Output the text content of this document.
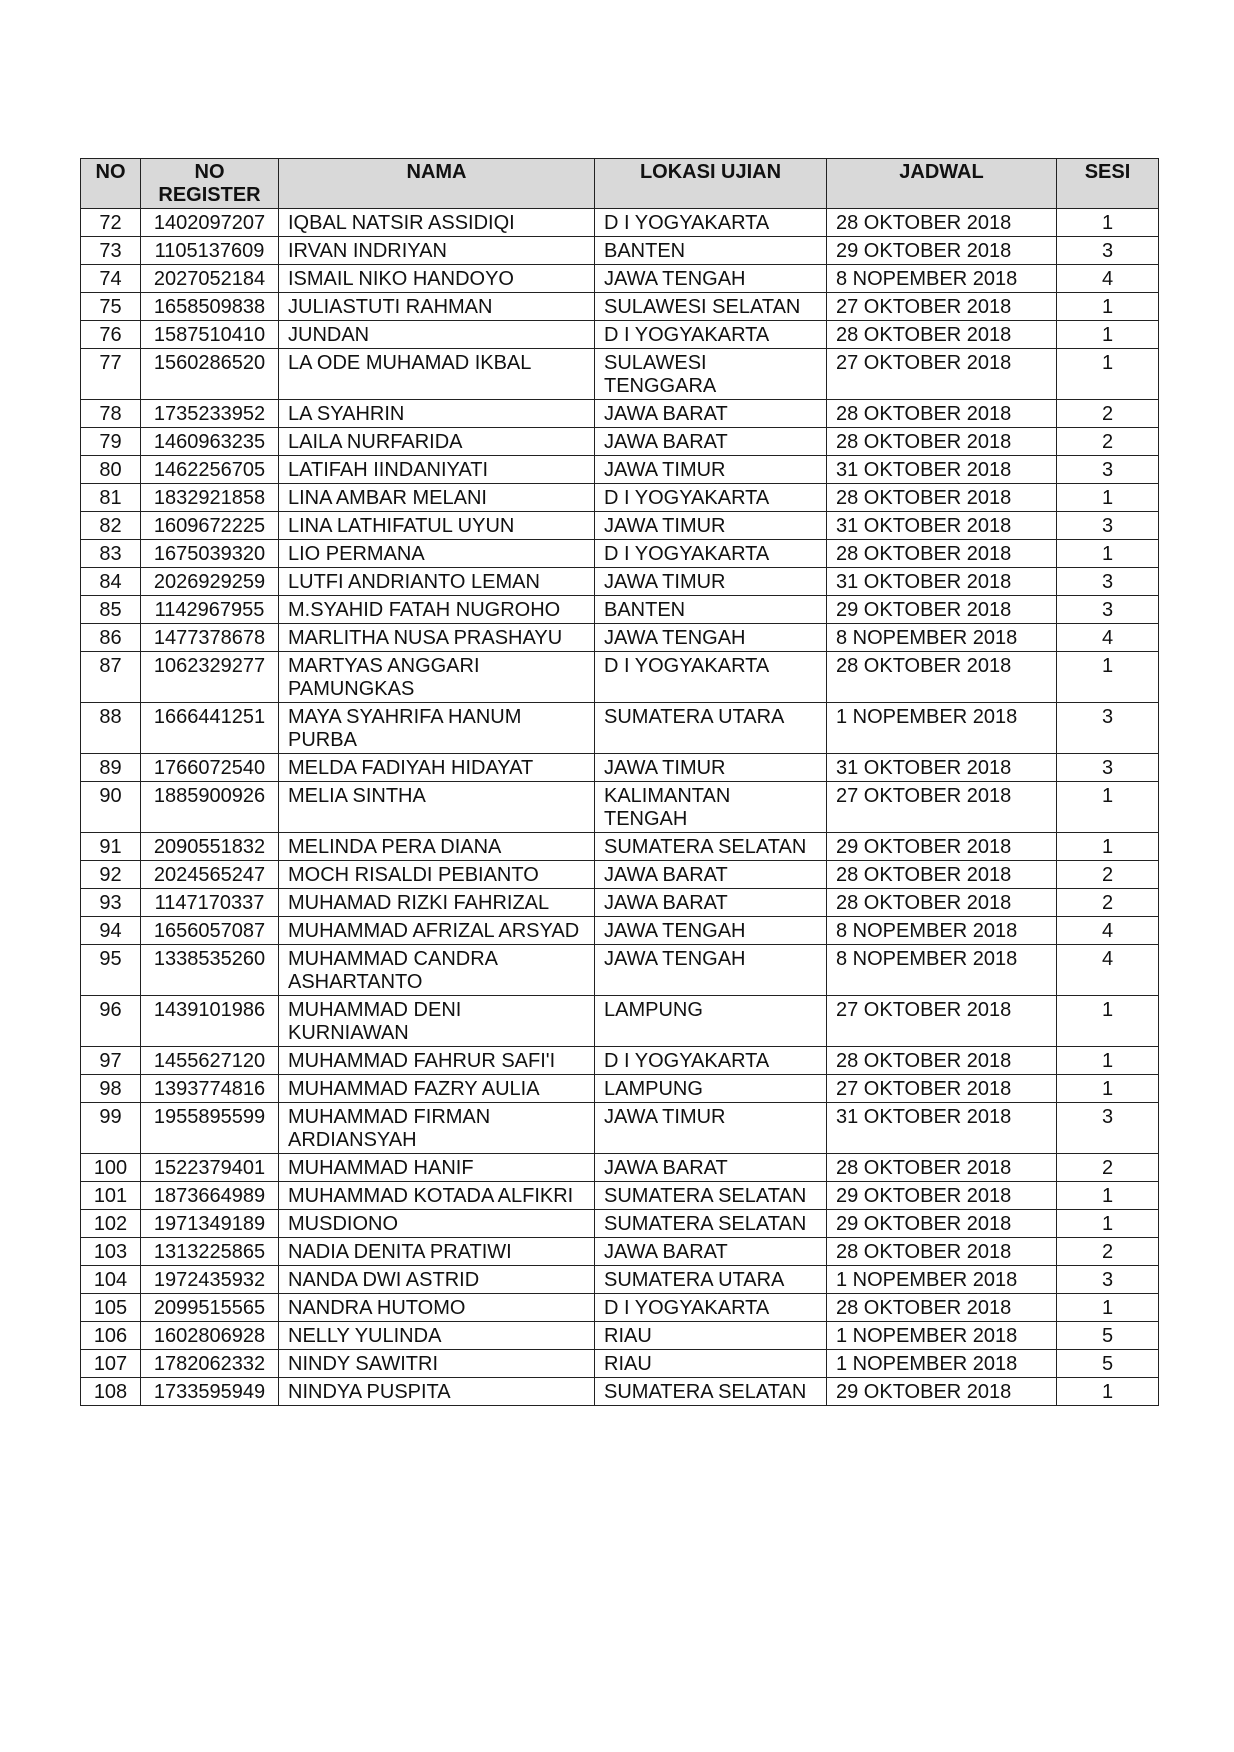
NO	NO REGISTER	NAMA	LOKASI UJIAN	JADWAL	SESI
72	1402097207	IQBAL NATSIR ASSIDIQI	D I YOGYAKARTA	28 OKTOBER 2018	1
73	1105137609	IRVAN INDRIYAN	BANTEN	29 OKTOBER 2018	3
74	2027052184	ISMAIL NIKO HANDOYO	JAWA TENGAH	8 NOPEMBER 2018	4
75	1658509838	JULIASTUTI RAHMAN	SULAWESI SELATAN	27 OKTOBER 2018	1
76	1587510410	JUNDAN	D I YOGYAKARTA	28 OKTOBER 2018	1
77	1560286520	LA ODE MUHAMAD IKBAL	SULAWESI TENGGARA	27 OKTOBER 2018	1
78	1735233952	LA SYAHRIN	JAWA BARAT	28 OKTOBER 2018	2
79	1460963235	LAILA NURFARIDA	JAWA BARAT	28 OKTOBER 2018	2
80	1462256705	LATIFAH IINDANIYATI	JAWA TIMUR	31 OKTOBER 2018	3
81	1832921858	LINA AMBAR MELANI	D I YOGYAKARTA	28 OKTOBER 2018	1
82	1609672225	LINA LATHIFATUL UYUN	JAWA TIMUR	31 OKTOBER 2018	3
83	1675039320	LIO PERMANA	D I YOGYAKARTA	28 OKTOBER 2018	1
84	2026929259	LUTFI ANDRIANTO LEMAN	JAWA TIMUR	31 OKTOBER 2018	3
85	1142967955	M.SYAHID FATAH NUGROHO	BANTEN	29 OKTOBER 2018	3
86	1477378678	MARLITHA NUSA PRASHAYU	JAWA TENGAH	8 NOPEMBER 2018	4
87	1062329277	MARTYAS ANGGARI PAMUNGKAS	D I YOGYAKARTA	28 OKTOBER 2018	1
88	1666441251	MAYA SYAHRIFA HANUM PURBA	SUMATERA UTARA	1 NOPEMBER 2018	3
89	1766072540	MELDA FADIYAH HIDAYAT	JAWA TIMUR	31 OKTOBER 2018	3
90	1885900926	MELIA SINTHA	KALIMANTAN TENGAH	27 OKTOBER 2018	1
91	2090551832	MELINDA PERA DIANA	SUMATERA SELATAN	29 OKTOBER 2018	1
92	2024565247	MOCH RISALDI PEBIANTO	JAWA BARAT	28 OKTOBER 2018	2
93	1147170337	MUHAMAD RIZKI FAHRIZAL	JAWA BARAT	28 OKTOBER 2018	2
94	1656057087	MUHAMMAD AFRIZAL ARSYAD	JAWA TENGAH	8 NOPEMBER 2018	4
95	1338535260	MUHAMMAD CANDRA ASHARTANTO	JAWA TENGAH	8 NOPEMBER 2018	4
96	1439101986	MUHAMMAD DENI KURNIAWAN	LAMPUNG	27 OKTOBER 2018	1
97	1455627120	MUHAMMAD FAHRUR SAFI'I	D I YOGYAKARTA	28 OKTOBER 2018	1
98	1393774816	MUHAMMAD FAZRY AULIA	LAMPUNG	27 OKTOBER 2018	1
99	1955895599	MUHAMMAD FIRMAN ARDIANSYAH	JAWA TIMUR	31 OKTOBER 2018	3
100	1522379401	MUHAMMAD HANIF	JAWA BARAT	28 OKTOBER 2018	2
101	1873664989	MUHAMMAD KOTADA ALFIKRI	SUMATERA SELATAN	29 OKTOBER 2018	1
102	1971349189	MUSDIONO	SUMATERA SELATAN	29 OKTOBER 2018	1
103	1313225865	NADIA DENITA PRATIWI	JAWA BARAT	28 OKTOBER 2018	2
104	1972435932	NANDA DWI ASTRID	SUMATERA UTARA	1 NOPEMBER 2018	3
105	2099515565	NANDRA HUTOMO	D I YOGYAKARTA	28 OKTOBER 2018	1
106	1602806928	NELLY YULINDA	RIAU	1 NOPEMBER 2018	5
107	1782062332	NINDY SAWITRI	RIAU	1 NOPEMBER 2018	5
108	1733595949	NINDYA PUSPITA	SUMATERA SELATAN	29 OKTOBER 2018	1
